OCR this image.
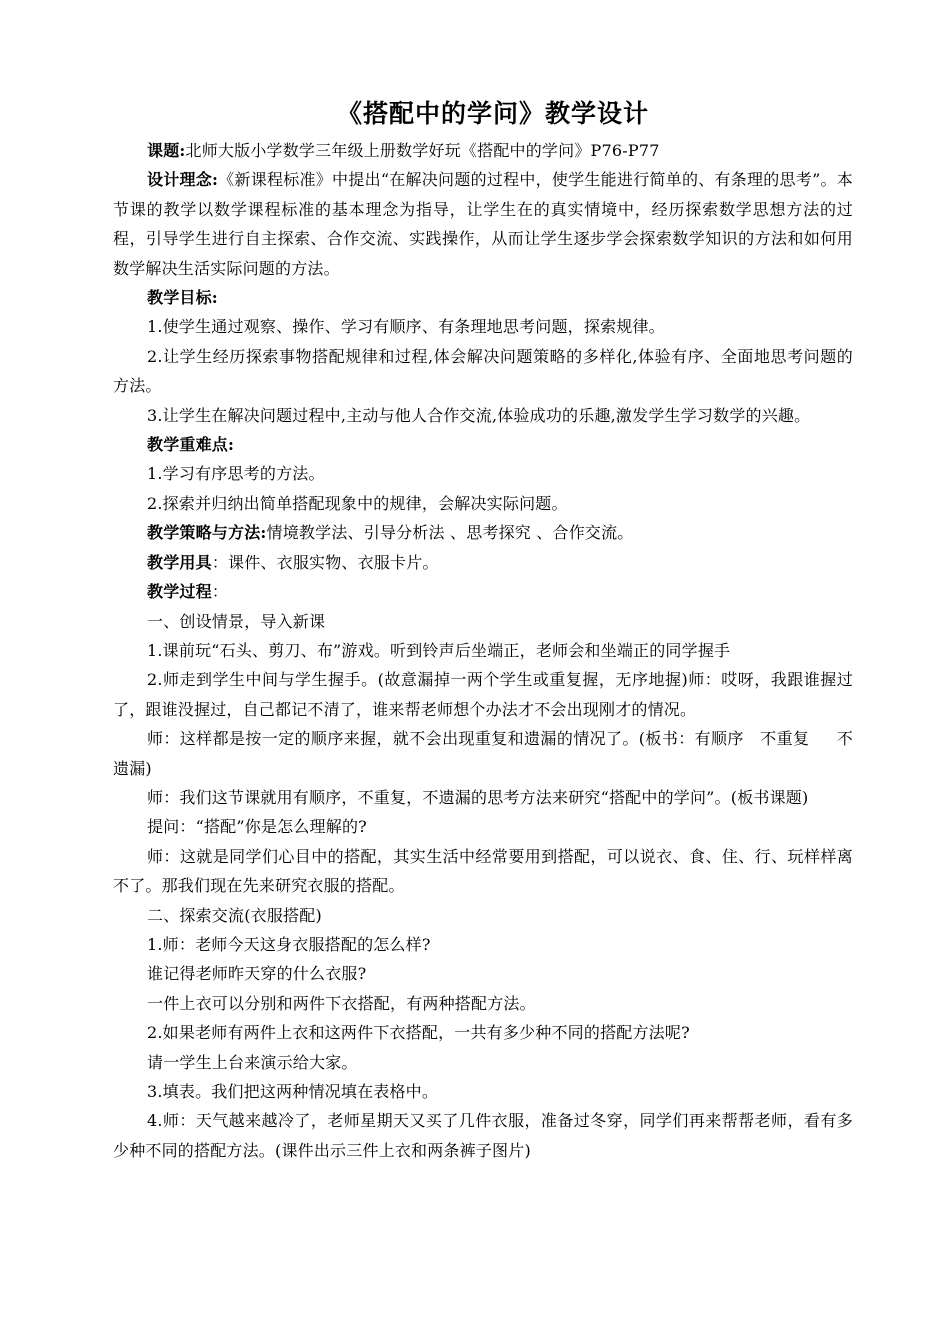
《搭配中的学问》教学设计

课题:北师大版小学数学三年级上册数学好玩《搭配中的学问》P76-P77

设计理念:《新课程标准》中提出“在解决问题的过程中，使学生能进行简单的、有条理的思考”。本节课的教学以数学课程标准的基本理念为指导，让学生在的真实情境中，经历探索数学思想方法的过程，引导学生进行自主探索、合作交流、实践操作，从而让学生逐步学会探索数学知识的方法和如何用数学解决生活实际问题的方法。

教学目标:

1.使学生通过观察、操作、学习有顺序、有条理地思考问题，探索规律。

2.让学生经历探索事物搭配规律和过程,体会解决问题策略的多样化,体验有序、全面地思考问题的方法。

3.让学生在解决问题过程中,主动与他人合作交流,体验成功的乐趣,激发学生学习数学的兴趣。

教学重难点:

1.学习有序思考的方法。

2.探索并归纳出简单搭配现象中的规律，会解决实际问题。

教学策略与方法:情境教学法、引导分析法 、思考探究 、合作交流。

教学用具：课件、衣服实物、衣服卡片。

教学过程：

一、创设情景，导入新课

1.课前玩“石头、剪刀、布”游戏。听到铃声后坐端正，老师会和坐端正的同学握手

2.师走到学生中间与学生握手。(故意漏掉一两个学生或重复握，无序地握)师：哎呀，我跟谁握过了，跟谁没握过，自己都记不清了，谁来帮老师想个办法才不会出现刚才的情况。

师：这样都是按一定的顺序来握，就不会出现重复和遗漏的情况了。(板书：有顺序   不重复     不遗漏)

师：我们这节课就用有顺序，不重复，不遗漏的思考方法来研究“搭配中的学问”。(板书课题)

提问：“搭配”你是怎么理解的?

师：这就是同学们心目中的搭配，其实生活中经常要用到搭配，可以说衣、食、住、行、玩样样离不了。那我们现在先来研究衣服的搭配。

二、探索交流(衣服搭配)

1.师：老师今天这身衣服搭配的怎么样?

谁记得老师昨天穿的什么衣服?

一件上衣可以分别和两件下衣搭配，有两种搭配方法。

2.如果老师有两件上衣和这两件下衣搭配，一共有多少种不同的搭配方法呢?

请一学生上台来演示给大家。

3.填表。我们把这两种情况填在表格中。

4.师：天气越来越冷了，老师星期天又买了几件衣服，准备过冬穿，同学们再来帮帮老师，看有多少种不同的搭配方法。(课件出示三件上衣和两条裤子图片)
